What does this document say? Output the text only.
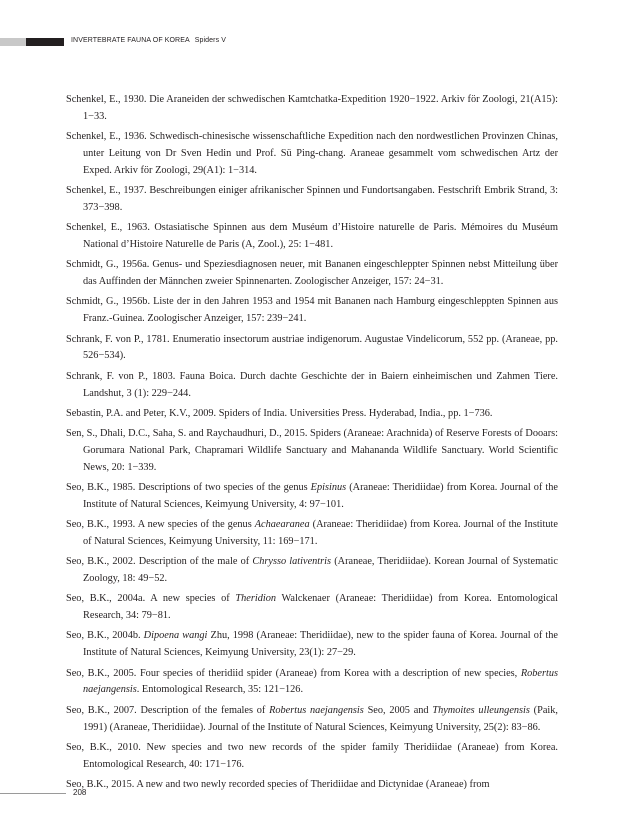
INVERTEBRATE FAUNA OF KOREA Spiders V

Schenkel, E., 1930. Die Araneiden der schwedischen Kamtchatka-Expedition 1920−1922. Arkiv för Zoologi, 21(A15): 1−33.

Schenkel, E., 1936. Schwedisch-chinesische wissenschaftliche Expedition nach den nordwestlichen Provinzen Chinas, unter Leitung von Dr Sven Hedin und Prof. Sü Ping-chang. Araneae gesammelt vom schwedischen Artz der Exped. Arkiv för Zoologi, 29(A1): 1−314.

Schenkel, E., 1937. Beschreibungen einiger afrikanischer Spinnen und Fundortsangaben. Festschrift Embrik Strand, 3: 373−398.

Schenkel, E., 1963. Ostasiatische Spinnen aus dem Muséum d’Histoire naturelle de Paris. Mémoires du Muséum National d’Histoire Naturelle de Paris (A, Zool.), 25: 1−481.

Schmidt, G., 1956a. Genus- und Speziesdiagnosen neuer, mit Bananen eingeschleppter Spinnen nebst Mitteilung über das Auffinden der Männchen zweier Spinnenarten. Zoologischer Anzeiger, 157: 24−31.

Schmidt, G., 1956b. Liste der in den Jahren 1953 and 1954 mit Bananen nach Hamburg eingeschleppten Spinnen aus Franz.-Guinea. Zoologischer Anzeiger, 157: 239−241.

Schrank, F. von P., 1781. Enumeratio insectorum austriae indigenorum. Augustae Vindelicorum, 552 pp. (Araneae, pp. 526−534).

Schrank, F. von P., 1803. Fauna Boica. Durch dachte Geschichte der in Baiern einheimischen und Zahmen Tiere. Landshut, 3 (1): 229−244.

Sebastin, P.A. and Peter, K.V., 2009. Spiders of India. Universities Press. Hyderabad, India., pp. 1−736.

Sen, S., Dhali, D.C., Saha, S. and Raychaudhuri, D., 2015. Spiders (Araneae: Arachnida) of Reserve Forests of Dooars: Gorumara National Park, Chapramari Wildlife Sanctuary and Mahananda Wildlife Sanctuary. World Scientific News, 20: 1−339.

Seo, B.K., 1985. Descriptions of two species of the genus Episinus (Araneae: Theridiidae) from Korea. Journal of the Institute of Natural Sciences, Keimyung University, 4: 97−101.

Seo, B.K., 1993. A new species of the genus Achaearanea (Araneae: Theridiidae) from Korea. Journal of the Institute of Natural Sciences, Keimyung University, 11: 169−171.

Seo, B.K., 2002. Description of the male of Chrysso lativentris (Araneae, Theridiidae). Korean Journal of Systematic Zoology, 18: 49−52.

Seo, B.K., 2004a. A new species of Theridion Walckenaer (Araneae: Theridiidae) from Korea. Entomological Research, 34: 79−81.

Seo, B.K., 2004b. Dipoena wangi Zhu, 1998 (Araneae: Theridiidae), new to the spider fauna of Korea. Journal of the Institute of Natural Sciences, Keimyung University, 23(1): 27−29.

Seo, B.K., 2005. Four species of theridiid spider (Araneae) from Korea with a description of new species, Robertus naejangensis. Entomological Research, 35: 121−126.

Seo, B.K., 2007. Description of the females of Robertus naejangensis Seo, 2005 and Thymoites ulleungensis (Paik, 1991) (Araneae, Theridiidae). Journal of the Institute of Natural Sciences, Keimyung University, 25(2): 83−86.

Seo, B.K., 2010. New species and two new records of the spider family Theridiidae (Araneae) from Korea. Entomological Research, 40: 171−176.

Seo, B.K., 2015. A new and two newly recorded species of Theridiidae and Dictynidae (Araneae) from

208
